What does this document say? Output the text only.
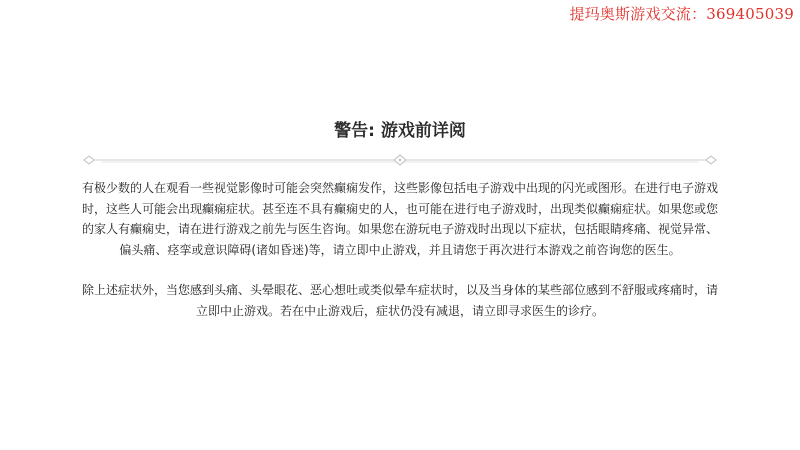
提玛奥斯游戏交流：369405039
警告: 游戏前详阅

有极少数的人在观看一些视觉影像时可能会突然癫痫发作，这些影像包括电子游戏中出现的闪光或图形。在进行电子游戏时，这些人可能会出现癫痫症状。甚至连不具有癫痫史的人，也可能在进行电子游戏时，出现类似癫痫症状。如果您或您的家人有癫痫史，请在进行游戏之前先与医生咨询。如果您在游玩电子游戏时出现以下症状，包括眼睛疼痛、视觉异常、偏头痛、痉挛或意识障碍(诸如昏迷)等，请立即中止游戏，并且请您于再次进行本游戏之前咨询您的医生。

除上述症状外，当您感到头痛、头晕眼花、恶心想吐或类似晕车症状时，以及当身体的某些部位感到不舒服或疼痛时，请立即中止游戏。若在中止游戏后，症状仍没有减退，请立即寻求医生的诊疗。
